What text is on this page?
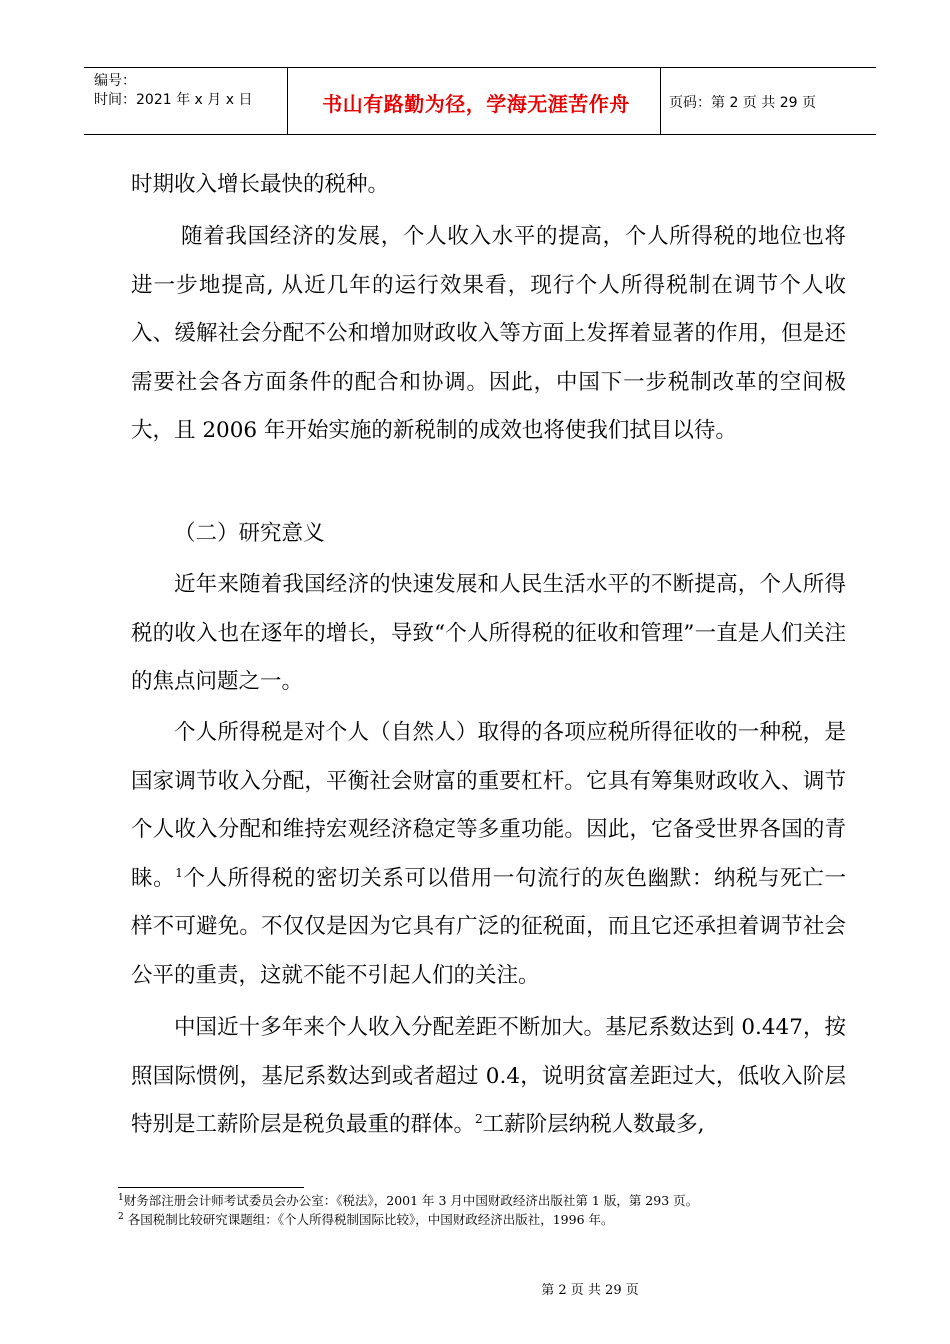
编号：
时间：2021 年 x 月 x 日	书山有路勤为径，学海无涯苦作舟	页码：第 2 页 共 29 页
时期收入增长最快的税种。

随着我国经济的发展，个人收入水平的提高，个人所得税的地位也将进一步地提高, 从近几年的运行效果看，现行个人所得税制在调节个人收入、缓解社会分配不公和增加财政收入等方面上发挥着显著的作用，但是还需要社会各方面条件的配合和协调。因此，中国下一步税制改革的空间极大，且 2006 年开始实施的新税制的成效也将使我们拭目以待。

（二）研究意义

近年来随着我国经济的快速发展和人民生活水平的不断提高，个人所得税的收入也在逐年的增长，导致“个人所得税的征收和管理”一直是人们关注的焦点问题之一。

个人所得税是对个人（自然人）取得的各项应税所得征收的一种税，是国家调节收入分配，平衡社会财富的重要杠杆。它具有筹集财政收入、调节个人收入分配和维持宏观经济稳定等多重功能。因此，它备受世界各国的青睐。$^1$个人所得税的密切关系可以借用一句流行的灰色幽默：纳税与死亡一样不可避免。不仅仅是因为它具有广泛的征税面，而且它还承担着调节社会公平的重责，这就不能不引起人们的关注。

中国近十多年来个人收入分配差距不断加大。基尼系数达到 0.447，按照国际惯例，基尼系数达到或者超过 0.4，说明贫富差距过大，低收入阶层特别是工薪阶层是税负最重的群体。$^2$工薪阶层纳税人数最多,

$^1$财务部注册会计师考试委员会办公室：《税法》，2001 年 3 月中国财政经济出版社第 1 版，第 293 页。
$^2$ 各国税制比较研究课题组：《个人所得税制国际比较》，中国财政经济出版社，1996 年。
第 2 页 共 29 页
